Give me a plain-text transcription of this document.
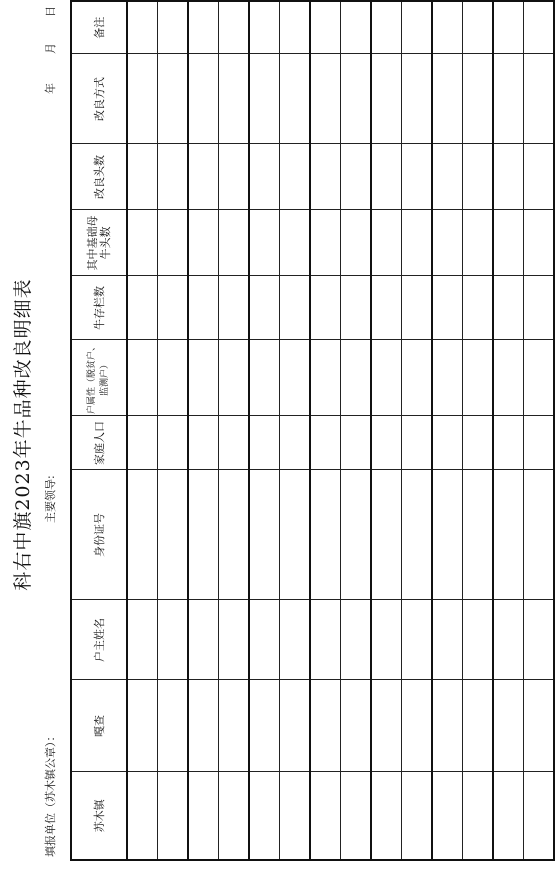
科右中旗2023年牛品种改良明细表
填报单位（苏木镇公章）：
主要领导:
年
月
日
苏木镇	嘎查	户主姓名	身份证号	家庭人口	户属性（脱贫户、监测户）	牛存栏数	其中基础母牛头数	改良头数	改良方式	备注
